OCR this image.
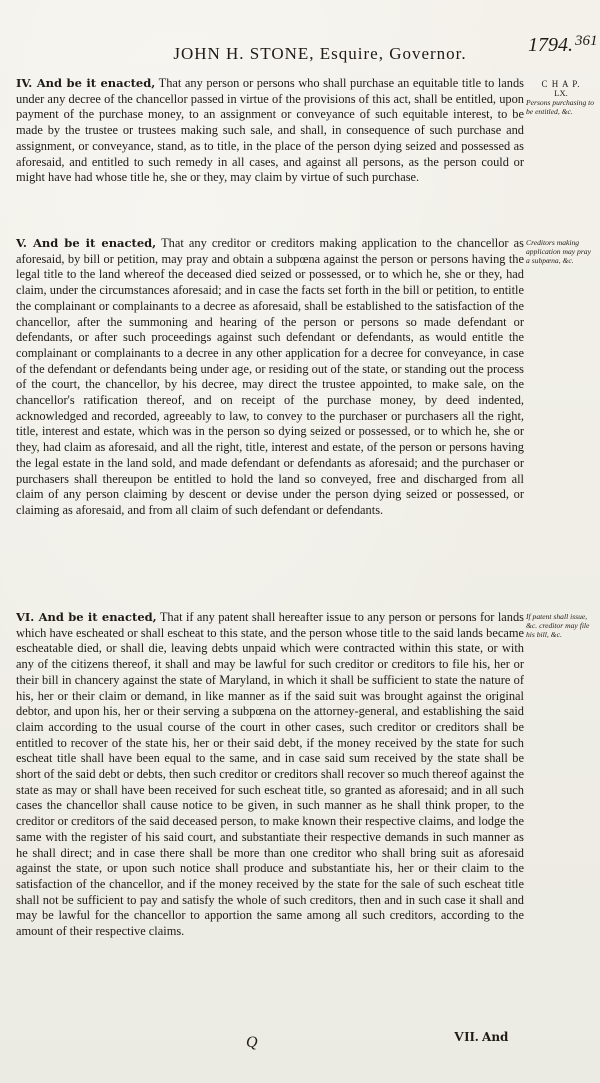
JOHN H. STONE, Esquire, Governor.	1794. $^{361}$
IV. And be it enacted, That any person or persons who shall purchase an equitable title to lands under any decree of the chancellor passed in virtue of the provisions of this act, shall be entitled, upon payment of the purchase money, to an assignment or conveyance of such equitable interest, to be made by the trustee or trustees making such sale, and shall, in consequence of such purchase and assignment, or conveyance, stand, as to title, in the place of the person dying seized and possessed as aforesaid, and entitled to such remedy in all cases, and against all persons, as the person could or might have had whose title he, she or they, may claim by virtue of such purchase.
C H A P.
LX.
Persons purchasing to be entitled, &c.
V. And be it enacted, That any creditor or creditors making application to the chancellor as aforesaid, by bill or petition, may pray and obtain a subpœna against the person or persons having the legal title to the land whereof the deceased died seized or possessed, or to which he, she or they, had claim, under the circumstances aforesaid; and in case the facts set forth in the bill or petition, to entitle the complainant or complainants to a decree as aforesaid, shall be established to the satisfaction of the chancellor, after the summoning and hearing of the person or persons so made defendant or defendants, or after such proceedings against such defendant or defendants, as would entitle the complainant or complainants to a decree in any other application for a decree for conveyance, in case of the defendant or defendants being under age, or residing out of the state, or standing out the process of the court, the chancellor, by his decree, may direct the trustee appointed, to make sale, on the chancellor's ratification thereof, and on receipt of the purchase money, by deed indented, acknowledged and recorded, agreeably to law, to convey to the purchaser or purchasers all the right, title, interest and estate, which was in the person so dying seized or possessed, or to which he, she or they, had claim as aforesaid, and all the right, title, interest and estate, of the person or persons having the legal estate in the land sold, and made defendant or defendants as aforesaid; and the purchaser or purchasers shall thereupon be entitled to hold the land so conveyed, free and discharged from all claim of any person claiming by descent or devise under the person dying seized or possessed, or claiming as aforesaid, and from all claim of such defendant or defendants.
Creditors making application may pray a subpœna, &c.
VI. And be it enacted, That if any patent shall hereafter issue to any person or persons for lands which have escheated or shall escheat to this state, and the person whose title to the said lands became escheatable died, or shall die, leaving debts unpaid which were contracted within this state, or with any of the citizens thereof, it shall and may be lawful for such creditor or creditors to file his, her or their bill in chancery against the state of Maryland, in which it shall be sufficient to state the nature of his, her or their claim or demand, in like manner as if the said suit was brought against the original debtor, and upon his, her or their serving a subpœna on the attorney-general, and establishing the said claim according to the usual course of the court in other cases, such creditor or creditors shall be entitled to recover of the state his, her or their said debt, if the money received by the state for such escheat title shall have been equal to the same, and in case said sum received by the state shall be short of the said debt or debts, then such creditor or creditors shall recover so much thereof against the state as may or shall have been received for such escheat title, so granted as aforesaid; and in all such cases the chancellor shall cause notice to be given, in such manner as he shall think proper, to the creditor or creditors of the said deceased person, to make known their respective claims, and lodge the same with the register of his said court, and substantiate their respective demands in such manner as he shall direct; and in case there shall be more than one creditor who shall bring suit as aforesaid against the state, or upon such notice shall produce and substantiate his, her or their claim to the satisfaction of the chancellor, and if the money received by the state for the sale of such escheat title shall not be sufficient to pay and satisfy the whole of such creditors, then and in such case it shall and may be lawful for the chancellor to apportion the same among all such creditors, according to the amount of their respective claims.
If patent shall issue, &c. creditor may file his bill, &c.
Q	VII. And
